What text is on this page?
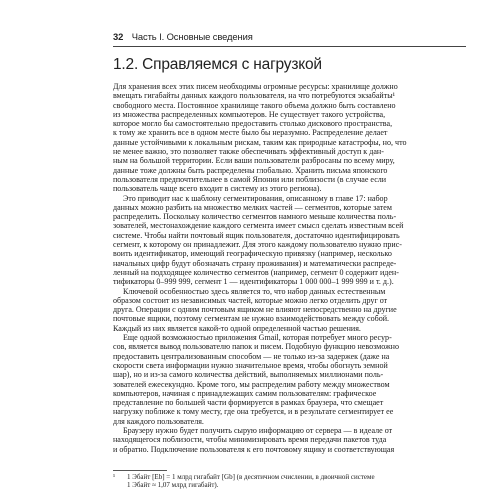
32 Часть I. Основные сведения
1.2. Справляемся с нагрузкой
Для хранения всех этих писем необходимы огромные ресурсы: хранилище должно
вмещать гигабайты данных каждого пользователя, на что потребуются экзабайты¹
свободного места. Постоянное хранилище такого объема должно быть составлено
из множества распределенных компьютеров. Не существует такого устройства,
которое могло бы самостоятельно предоставить столько дискового пространства,
к тому же хранить все в одном месте было бы неразумно. Распределение делает
данные устойчивыми к локальным рискам, таким как природные катастрофы, но, что
не менее важно, это позволяет также обеспечивать эффективный доступ к дан-
ным на большой территории. Если ваши пользователи разбросаны по всему миру,
данные тоже должны быть распределены глобально. Хранить письма японского
пользователя предпочтительнее в самой Японии или поблизости (в случае если
пользователь чаще всего входит в систему из этого региона).
Это приводит нас к шаблону сегментирования, описанному в главе 17: набор
данных можно разбить на множество мелких частей — сегментов, которые затем
распределить. Поскольку количество сегментов намного меньше количества поль-
зователей, местонахождение каждого сегмента имеет смысл сделать известным всей
системе. Чтобы найти почтовый ящик пользователя, достаточно идентифицировать
сегмент, к которому он принадлежит. Для этого каждому пользователю нужно прис-
воить идентификатор, имеющий географическую привязку (например, несколько
начальных цифр будут обозначать страну проживания) и математически распреде-
ленный на подходящее количество сегментов (например, сегмент 0 содержит иден-
тификаторы 0–999 999, сегмент 1 — идентификаторы 1 000 000–1 999 999 и т. д.).
Ключевой особенностью здесь является то, что набор данных естественным
образом состоит из независимых частей, которые можно легко отделить друг от
друга. Операции с одним почтовым ящиком не влияют непосредственно на другие
почтовые ящики, поэтому сегментам не нужно взаимодействовать между собой.
Каждый из них является какой-то одной определенной частью решения.
Еще одной возможностью приложения Gmail, которая потребует много ресур-
сов, является вывод пользователю папок и писем. Подобную функцию невозможно
предоставить централизованным способом — не только из-за задержек (даже на
скорости света информации нужно значительное время, чтобы обогнуть земной
шар), но и из-за самого количества действий, выполняемых миллионами поль-
зователей ежесекундно. Кроме того, мы распределим работу между множеством
компьютеров, начиная с принадлежащих самим пользователям: графическое
представление по большей части формируется в рамках браузера, что смещает
нагрузку поближе к тому месту, где она требуется, и в результате сегментирует ее
для каждого пользователя.
Браузеру нужно будет получить сырую информацию от сервера — в идеале от
находящегося поблизости, чтобы минимизировать время передачи пакетов туда
и обратно. Подключение пользователя к его почтовому ящику и соответствующая
¹ 1 Эбайт [Eb] = 1 млрд гигабайт [Gb] (в десятичном счислении, в двоичной системе
1 Эбайт ≈ 1,07 млрд гигабайт).
